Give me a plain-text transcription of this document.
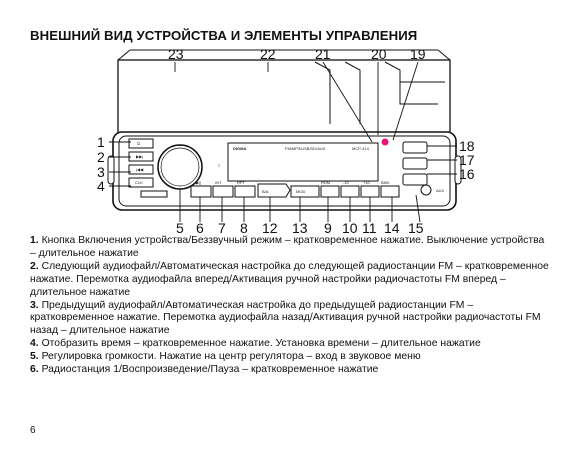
ВНЕШНИЙ ВИД УСТРОЙСТВА И ЭЛЕМЕНТЫ УПРАВЛЕНИЯ
⏻
▶▶|
|◀◀
CLK
DIGMA	FM/MP3/USB/SD/AUX	MCP-414
ᛒ
AUX
▶||	INT	RPT
B/A	MOD
RDM	-10	+10	BND
23	22	21	20 19
1
2
3
4
18
17
16
5 6 7 8 12 13 9 10 11 14 15

1. Кнопка Включения устройства/Беззвучный режим – кратковременное нажатие. Выключение устройства – длительное нажатие

2. Следующий аудиофайл/Автоматическая настройка до следующей радиостанции FM – кратковременное нажатие. Перемотка аудиофайла вперед/Активация ручной настройки радиочастоты FM вперед – длительное нажатие

3. Предыдущий аудиофайл/Автоматическая настройка до предыдущей радиостанции FM – кратковременное нажатие. Перемотка аудиофайла назад/Активация ручной настройки радиочастоты FM назад – длительное нажатие

4. Отобразить время – кратковременное нажатие. Установка времени – длительное нажатие

5. Регулировка громкости. Нажатие на центр регулятора – вход в звуковое меню

6. Радиостанция 1/Воспроизведение/Пауза – кратковременное нажатие

6
